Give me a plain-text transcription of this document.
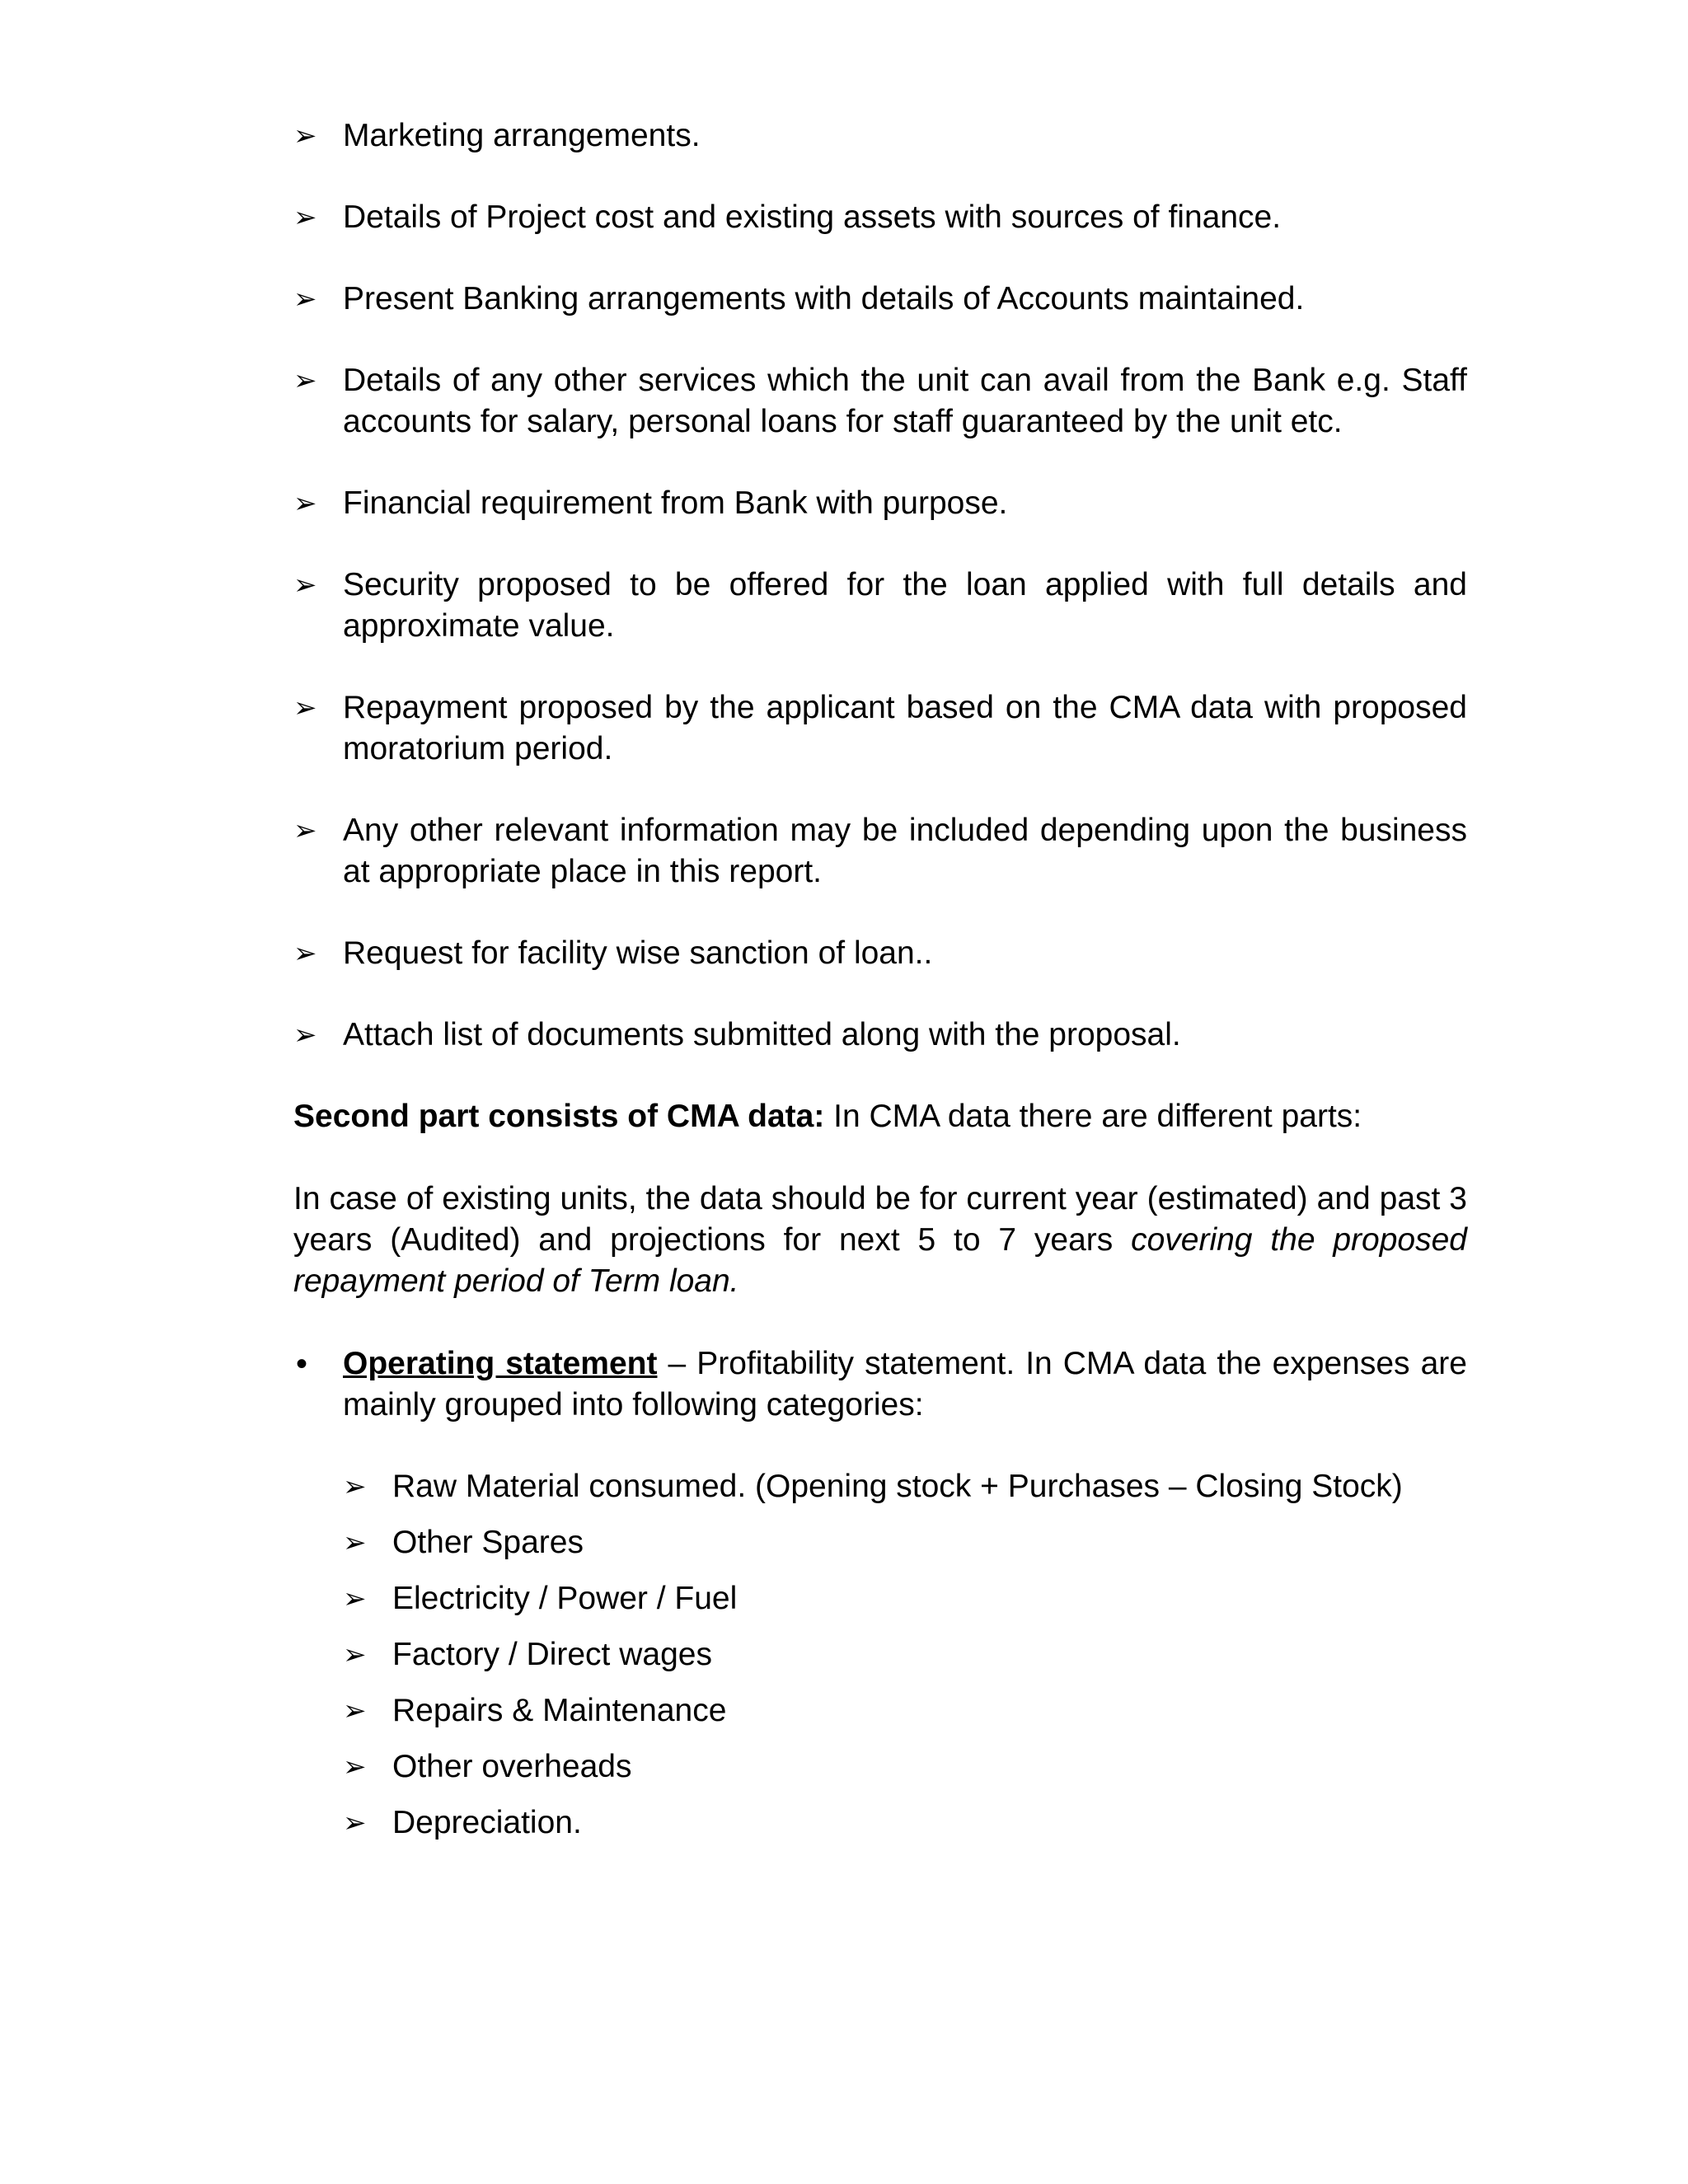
➢ Marketing arrangements.
➢ Details of Project cost and existing assets with sources of finance.
➢ Present Banking arrangements with details of Accounts maintained.
➢ Details of any other services which the unit can avail from the Bank e.g. Staff accounts for salary, personal loans for staff guaranteed by the unit etc.
➢ Financial requirement from Bank with purpose.
➢ Security proposed to be offered for the loan applied with full details and approximate value.
➢ Repayment proposed by the applicant based on the CMA data with proposed moratorium period.
➢ Any other relevant information may be included depending upon the business at appropriate place in this report.
➢ Request for facility wise sanction of loan..
➢ Attach list of documents submitted along with the proposal.

Second part consists of CMA data: In CMA data there are different parts:

In case of existing units, the data should be for current year (estimated) and past 3 years (Audited) and projections for next 5 to 7 years covering the proposed repayment period of Term loan.

•	Operating statement – Profitability statement. In CMA data the expenses are mainly grouped into following categories:
➢ Raw Material consumed. (Opening stock + Purchases – Closing Stock)
➢ Other Spares
➢ Electricity / Power / Fuel
➢ Factory / Direct wages
➢ Repairs & Maintenance
➢ Other overheads
➢ Depreciation.
